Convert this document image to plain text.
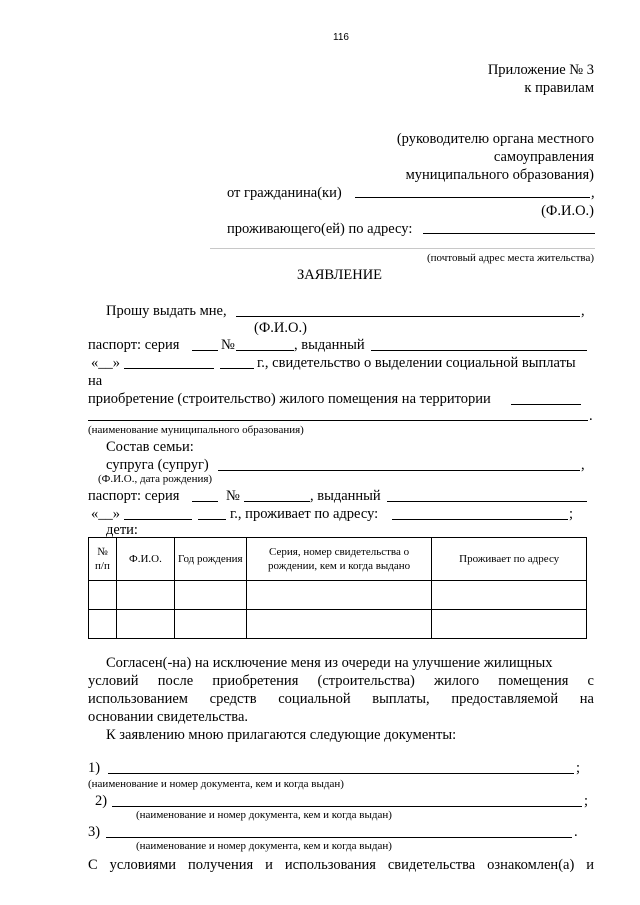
116
Приложение № 3
к правилам
(руководителю органа местного
самоуправления
муниципального образования)
от гражданина(ки)	,
(Ф.И.О.)
проживающего(ей) по адресу:
(почтовый адрес места жительства)
ЗАЯВЛЕНИЕ
Прошу выдать мне,	,
(Ф.И.О.)
паспорт: серия	№	, выданный
«__»	г., свидетельство о выделении социальной выплаты
на
приобретение (строительство) жилого помещения на территории
.
(наименование муниципального образования)
Состав семьи:
супруга (супруг)	,
(Ф.И.О., дата рождения)
паспорт: серия	№	, выданный
«__»	г., проживает по адресу:	;
дети:
№ п/п	Ф.И.О.	Год рождения	Серия, номер свидетельства о рождении, кем и когда выдано	Проживает по адресу

Согласен(-на) на исключение меня из очереди на улучшение жилищных
условий после приобретения (строительства) жилого помещения с
использованием средств социальной выплаты, предоставляемой на
основании свидетельства.
К заявлению мною прилагаются следующие документы:
1)	;
(наименование и номер документа, кем и когда выдан)
2)	;
(наименование и номер документа, кем и когда выдан)
3)	.
(наименование и номер документа, кем и когда выдан)
С условиями получения и использования свидетельства ознакомлен(а) и
